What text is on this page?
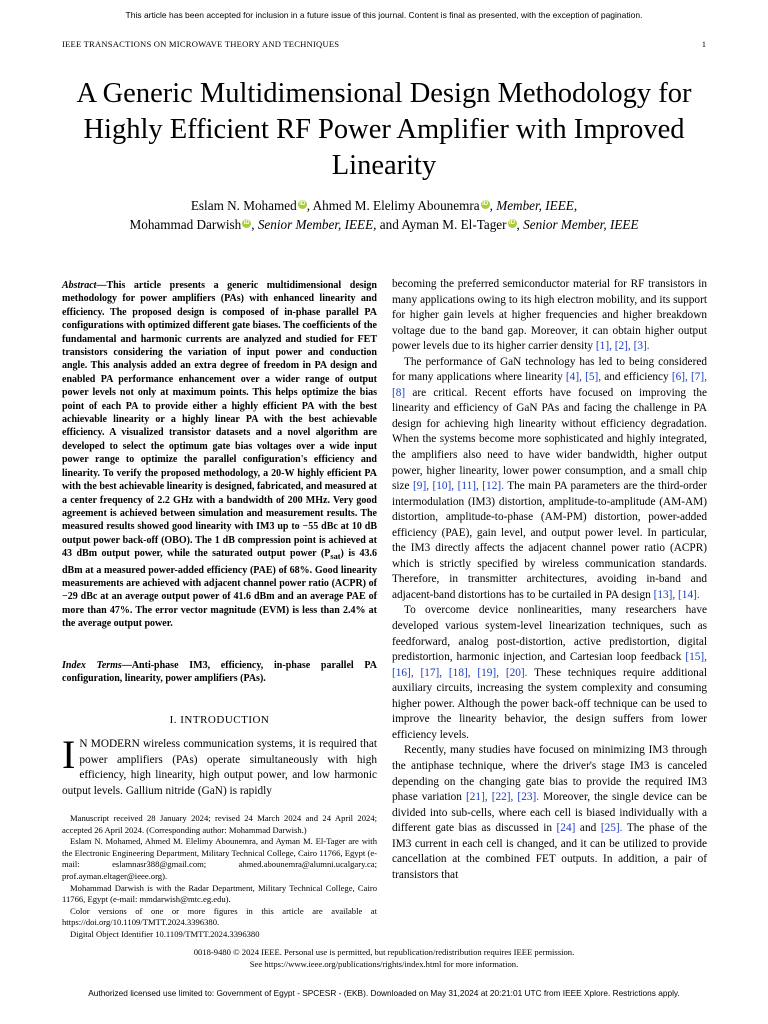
This article has been accepted for inclusion in a future issue of this journal. Content is final as presented, with the exception of pagination.
IEEE TRANSACTIONS ON MICROWAVE THEORY AND TECHNIQUES	1
A Generic Multidimensional Design Methodology for Highly Efficient RF Power Amplifier with Improved Linearity
Eslam N. Mohamed iD , Ahmed M. Elelimy Abounemra iD , Member, IEEE,
Mohammad Darwish iD , Senior Member, IEEE, and Ayman M. El-Tager iD , Senior Member, IEEE
Abstract—This article presents a generic multidimensional design methodology for power amplifiers (PAs) with enhanced linearity and efficiency. The proposed design is composed of in-phase parallel PA configurations with optimized different gate biases. The coefficients of the fundamental and harmonic currents are analyzed and studied for FET transistors considering the variation of input power and conduction angle. This analysis added an extra degree of freedom in PA design and enabled PA performance enhancement over a wider range of output power levels not only at maximum points. This helps optimize the bias point of each PA to provide either a highly efficient PA with the best achievable linearity or a highly linear PA with the best achievable efficiency. A visualized transistor datasets and a novel algorithm are developed to select the optimum gate bias voltages over a wide input power range to optimize the parallel configuration's efficiency and linearity. To verify the proposed methodology, a 20-W highly efficient PA with the best achievable linearity is designed, fabricated, and measured at a center frequency of 2.2 GHz with a bandwidth of 200 MHz. Very good agreement is achieved between simulation and measurement results. The measured results showed good linearity with IM3 up to −55 dBc at 10 dB output power back-off (OBO). The 1 dB compression point is achieved at 43 dBm output power, while the saturated output power $(P_{sat})$ is 43.6 dBm at a measured power-added efficiency (PAE) of 68%. Good linearity measurements are achieved with adjacent channel power ratio (ACPR) of −29 dBc at an average output power of 41.6 dBm and an average PAE of more than 47%. The error vector magnitude (EVM) is less than 2.4% at the average output power.
Index Terms—Anti-phase IM3, efficiency, in-phase parallel PA configuration, linearity, power amplifiers (PAs).
I. INTRODUCTION
I N MODERN wireless communication systems, it is required that power amplifiers (PAs) operate simultaneously with high efficiency, high linearity, high output power, and low harmonic output levels. Gallium nitride (GaN) is rapidly

Manuscript received 28 January 2024; revised 24 March 2024 and 24 April 2024; accepted 26 April 2024. (Corresponding author: Mohammad Darwish.)

Eslam N. Mohamed, Ahmed M. Elelimy Abounemra, and Ayman M. El-Tager are with the Electronic Engineering Department, Military Technical College, Cairo 11766, Egypt (e-mail: eslamnasr388@gmail.com; ahmed.abounemra@alumni.ucalgary.ca; prof.ayman.eltager@ieee.org).

Mohammad Darwish is with the Radar Department, Military Technical College, Cairo 11766, Egypt (e-mail: mmdarwish@mtc.eg.edu).

Color versions of one or more figures in this article are available at https://doi.org/10.1109/TMTT.2024.3396380.

Digital Object Identifier 10.1109/TMTT.2024.3396380

becoming the preferred semiconductor material for RF transistors in many applications owing to its high electron mobility, and its support for higher gain levels at higher frequencies and higher breakdown voltage due to the band gap. Moreover, it can obtain higher output power levels due to its higher carrier density [1], [2], [3].

The performance of GaN technology has led to being considered for many applications where linearity [4], [5], and efficiency [6], [7], [8] are critical. Recent efforts have focused on improving the linearity and efficiency of GaN PAs and facing the challenge in PA design for achieving high linearity without efficiency degradation. When the systems become more sophisticated and highly integrated, the amplifiers also need to have wider bandwidth, higher output power, higher linearity, lower power consumption, and a small chip size [9], [10], [11], [12]. The main PA parameters are the third-order intermodulation (IM3) distortion, amplitude-to-amplitude (AM-AM) distortion, amplitude-to-phase (AM-PM) distortion, power-added efficiency (PAE), gain level, and output power level. In particular, the IM3 directly affects the adjacent channel power ratio (ACPR) which is strictly specified by wireless communication standards. Therefore, in transmitter architectures, avoiding in-band and adjacent-band distortions has to be curtailed in PA design [13], [14].

To overcome device nonlinearities, many researchers have developed various system-level linearization techniques, such as feedforward, analog post-distortion, active predistortion, digital predistortion, harmonic injection, and Cartesian loop feedback [15], [16], [17], [18], [19], [20]. These techniques require additional auxiliary circuits, increasing the system complexity and consuming higher power. Although the power back-off technique can be used to improve the linearity behavior, the design suffers from lower efficiency levels.

Recently, many studies have focused on minimizing IM3 through the antiphase technique, where the driver's stage IM3 is canceled depending on the changing gate bias to provide the required IM3 phase variation [21], [22], [23]. Moreover, the single device can be divided into sub-cells, where each cell is biased individually with a different gate bias as discussed in [24] and [25]. The phase of the IM3 current in each cell is changed, and it can be utilized to provide cancellation at the combined FET outputs. In addition, a pair of transistors that

0018-9480 © 2024 IEEE. Personal use is permitted, but republication/redistribution requires IEEE permission.
See https://www.ieee.org/publications/rights/index.html for more information.
Authorized licensed use limited to: Government of Egypt - SPCESR - (EKB). Downloaded on May 31,2024 at 20:21:01 UTC from IEEE Xplore. Restrictions apply.
